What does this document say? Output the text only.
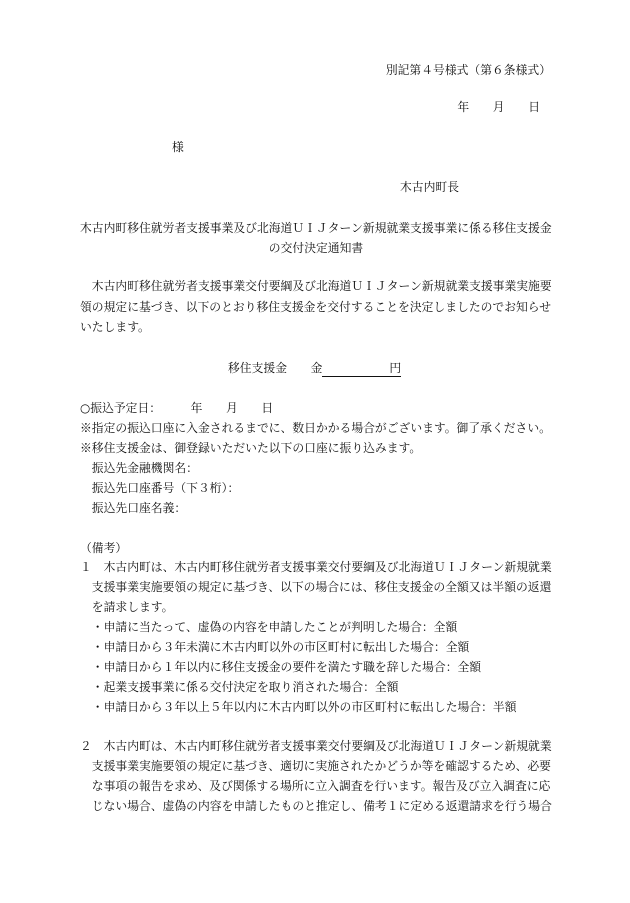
別記第４号様式（第６条様式）
年　　月　　日
様
木古内町長
木古内町移住就労者支援事業及び北海道ＵＩＪターン新規就業支援事業に係る移住支援金
の交付決定通知書
木古内町移住就労者支援事業交付要綱及び北海道ＵＩＪターン新規就業支援事業実施要
領の規定に基づき、以下のとおり移住支援金を交付することを決定しましたのでお知らせ
いたします。
移住支援金 金	円
○振込予定日：　　　年　　月　　日
※指定の振込口座に入金されるまでに、数日かかる場合がございます。御了承ください。
※移住支援金は、御登録いただいた以下の口座に振り込みます。
振込先金融機関名：
振込先口座番号（下３桁）：
振込先口座名義：
（備考）
１ 木古内町は、木古内町移住就労者支援事業交付要綱及び北海道ＵＩＪターン新規就業
支援事業実施要領の規定に基づき、以下の場合には、移住支援金の全額又は半額の返還
を請求します。
・申請に当たって、虚偽の内容を申請したことが判明した場合：全額
・申請日から３年未満に木古内町以外の市区町村に転出した場合：全額
・申請日から１年以内に移住支援金の要件を満たす職を辞した場合：全額
・起業支援事業に係る交付決定を取り消された場合：全額
・申請日から３年以上５年以内に木古内町以外の市区町村に転出した場合：半額
２ 木古内町は、木古内町移住就労者支援事業交付要綱及び北海道ＵＩＪターン新規就業
支援事業実施要領の規定に基づき、適切に実施されたかどうか等を確認するため、必要
な事項の報告を求め、及び関係する場所に立入調査を行います。報告及び立入調査に応
じない場合、虚偽の内容を申請したものと推定し、備考１に定める返還請求を行う場合
